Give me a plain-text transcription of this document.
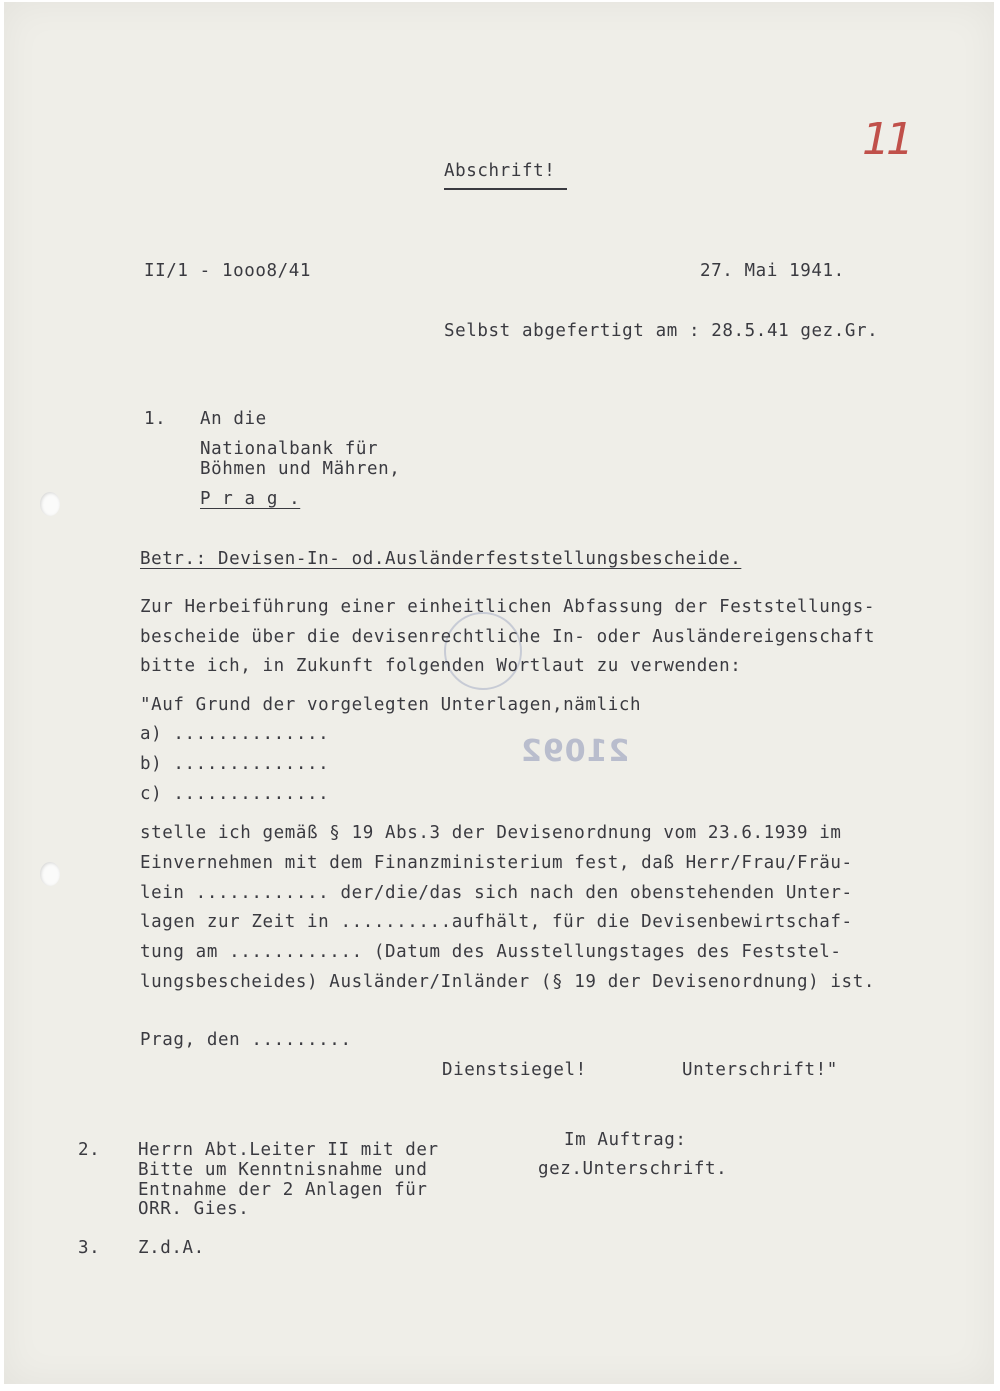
11
21092
Abschrift!
II/1 - 1ooo8/41	27. Mai 1941.
Selbst abgefertigt am : 28.5.41 gez.Gr.
1. An die
Nationalbank für
Böhmen und Mähren,
P r a g .
Betr.: Devisen-In- od.Ausländerfeststellungsbescheide.
Zur Herbeiführung einer einheitlichen Abfassung der Feststellungs-
bescheide über die devisenrechtliche In- oder Ausländereigenschaft
bitte ich, in Zukunft folgenden Wortlaut zu verwenden:
"Auf Grund der vorgelegten Unterlagen,nämlich
a) ..............
b) ..............
c) ..............
stelle ich gemäß § 19 Abs.3 der Devisenordnung vom 23.6.1939 im
Einvernehmen mit dem Finanzministerium fest, daß Herr/Frau/Fräu-
lein ............ der/die/das sich nach den obenstehenden Unter-
lagen zur Zeit in ..........aufhält, für die Devisenbewirtschaf-
tung am ............ (Datum des Ausstellungstages des Feststel-
lungsbescheides) Ausländer/Inländer (§ 19 der Devisenordnung) ist.
Prag, den .........
Dienstsiegel!	Unterschrift!"
2. Herrn Abt.Leiter II mit der
Bitte um Kenntnisnahme und
Entnahme der 2 Anlagen für
ORR. Gies.
Im Auftrag:
gez.Unterschrift.
3. Z.d.A.
